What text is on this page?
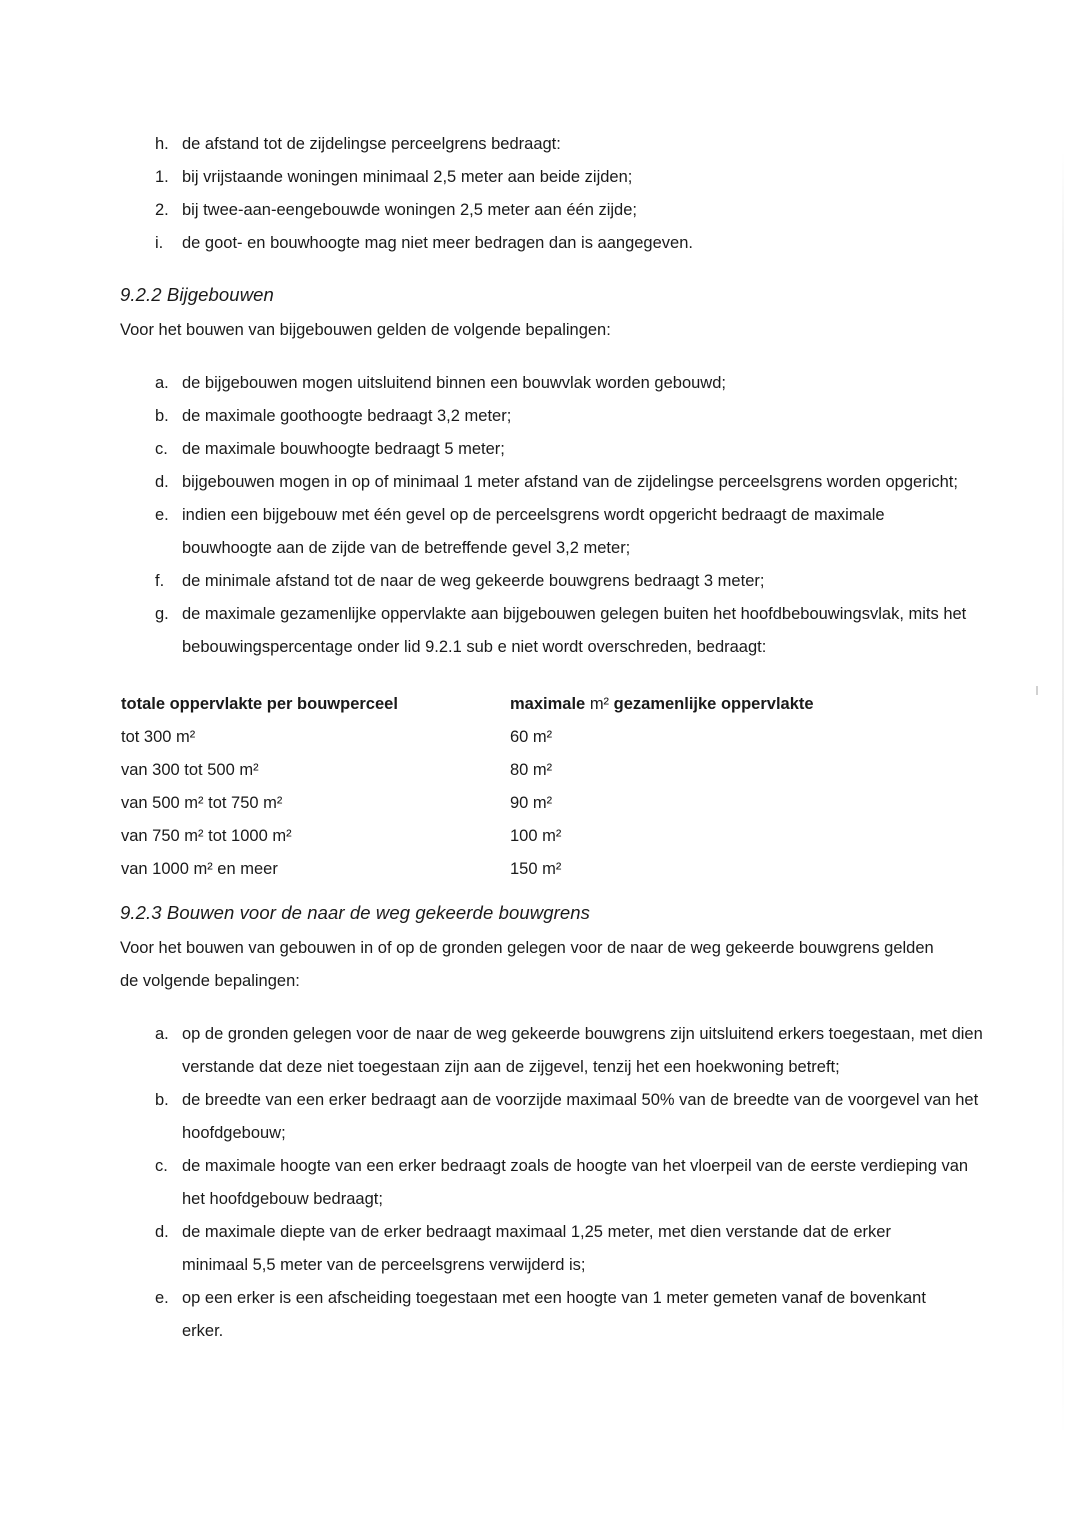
h. de afstand tot de zijdelingse perceelgrens bedraagt:
1. bij vrijstaande woningen minimaal 2,5 meter aan beide zijden;
2. bij twee-aan-eengebouwde woningen 2,5 meter aan één zijde;
i.	de goot- en bouwhoogte mag niet meer bedragen dan is aangegeven.
9.2.2 Bijgebouwen

Voor het bouwen van bijgebouwen gelden de volgende bepalingen:

a. de bijgebouwen mogen uitsluitend binnen een bouwvlak worden gebouwd;
b. de maximale goothoogte bedraagt 3,2 meter;
c. de maximale bouwhoogte bedraagt 5 meter;
d. bijgebouwen mogen in op of minimaal 1 meter afstand van de zijdelingse perceelsgrens worden opgericht;
e. indien een bijgebouw met één gevel op de perceelsgrens wordt opgericht bedraagt de maximale bouwhoogte aan de zijde van de betreffende gevel 3,2 meter;
f.	de minimale afstand tot de naar de weg gekeerde bouwgrens bedraagt 3 meter;
g. de maximale gezamenlijke oppervlakte aan bijgebouwen gelegen buiten het hoofdbebouwingsvlak, mits het bebouwingspercentage onder lid 9.2.1 sub e niet wordt overschreden, bedraagt:
totale oppervlakte per bouwperceel	maximale m² gezamenlijke oppervlakte
tot 300 m²	60 m²
van 300 tot 500 m²	80 m²
van 500 m² tot 750 m²	90 m²
van 750 m² tot 1000 m²	100 m²
van 1000 m² en meer	150 m²
9.2.3 Bouwen voor de naar de weg gekeerde bouwgrens

Voor het bouwen van gebouwen in of op de gronden gelegen voor de naar de weg gekeerde bouwgrens gelden de volgende bepalingen:

a. op de gronden gelegen voor de naar de weg gekeerde bouwgrens zijn uitsluitend erkers toegestaan, met dien verstande dat deze niet toegestaan zijn aan de zijgevel, tenzij het een hoekwoning betreft;
b. de breedte van een erker bedraagt aan de voorzijde maximaal 50% van de breedte van de voorgevel van het hoofdgebouw;
c. de maximale hoogte van een erker bedraagt zoals de hoogte van het vloerpeil van de eerste verdieping van het hoofdgebouw bedraagt;
d. de maximale diepte van de erker bedraagt maximaal 1,25 meter, met dien verstande dat de erker minimaal 5,5 meter van de perceelsgrens verwijderd is;
e. op een erker is een afscheiding toegestaan met een hoogte van 1 meter gemeten vanaf de bovenkant erker.
